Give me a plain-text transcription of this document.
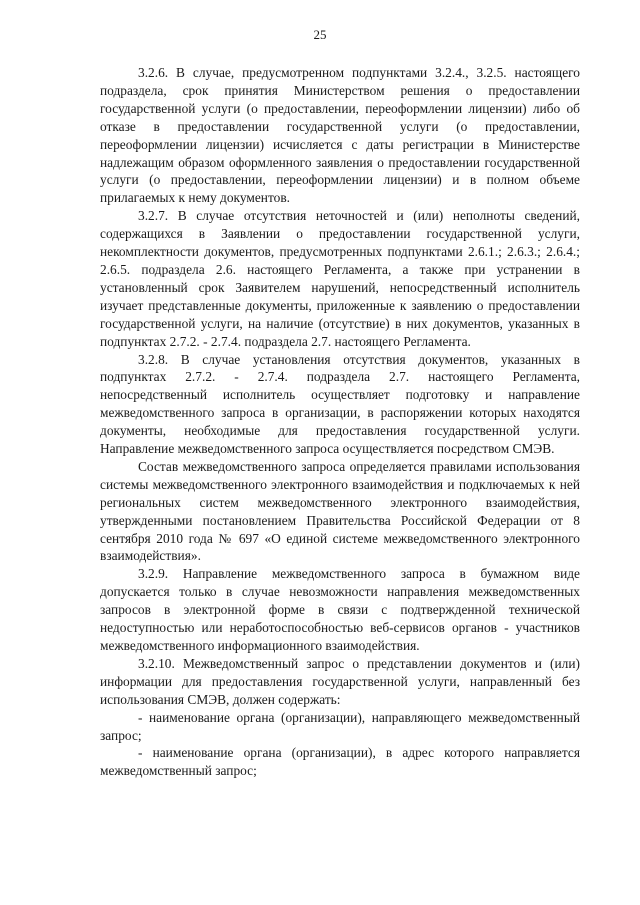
25

3.2.6. В случае, предусмотренном подпунктами 3.2.4., 3.2.5. настоящего подраздела, срок принятия Министерством решения о предоставлении государственной услуги (о предоставлении, переоформлении лицензии) либо об отказе в предоставлении государственной услуги (о предоставлении, переоформлении лицензии) исчисляется с даты регистрации в Министерстве надлежащим образом оформленного заявления о предоставлении государственной услуги (о предоставлении, переоформлении лицензии) и в полном объеме прилагаемых к нему документов.

3.2.7. В случае отсутствия неточностей и (или) неполноты сведений, содержащихся в Заявлении о предоставлении государственной услуги, некомплектности документов, предусмотренных подпунктами 2.6.1.; 2.6.3.; 2.6.4.; 2.6.5. подраздела 2.6. настоящего Регламента, а также при устранении в установленный срок Заявителем нарушений, непосредственный исполнитель изучает представленные документы, приложенные к заявлению о предоставлении государственной услуги, на наличие (отсутствие) в них документов, указанных в подпунктах 2.7.2. - 2.7.4. подраздела 2.7. настоящего Регламента.

3.2.8. В случае установления отсутствия документов, указанных в подпунктах 2.7.2. - 2.7.4. подраздела 2.7. настоящего Регламента, непосредственный исполнитель осуществляет подготовку и направление межведомственного запроса в организации, в распоряжении которых находятся документы, необходимые для предоставления государственной услуги. Направление межведомственного запроса осуществляется посредством СМЭВ.

Состав межведомственного запроса определяется правилами использования системы межведомственного электронного взаимодействия и подключаемых к ней региональных систем межведомственного электронного взаимодействия, утвержденными постановлением Правительства Российской Федерации от 8 сентября 2010 года № 697 «О единой системе межведомственного электронного взаимодействия».

3.2.9. Направление межведомственного запроса в бумажном виде допускается только в случае невозможности направления межведомственных запросов в электронной форме в связи с подтвержденной технической недоступностью или неработоспособностью веб-сервисов органов - участников межведомственного информационного взаимодействия.

3.2.10. Межведомственный запрос о представлении документов и (или) информации для предоставления государственной услуги, направленный без использования СМЭВ, должен содержать:

- наименование органа (организации), направляющего межведомственный запрос;

- наименование органа (организации), в адрес которого направляется межведомственный запрос;
